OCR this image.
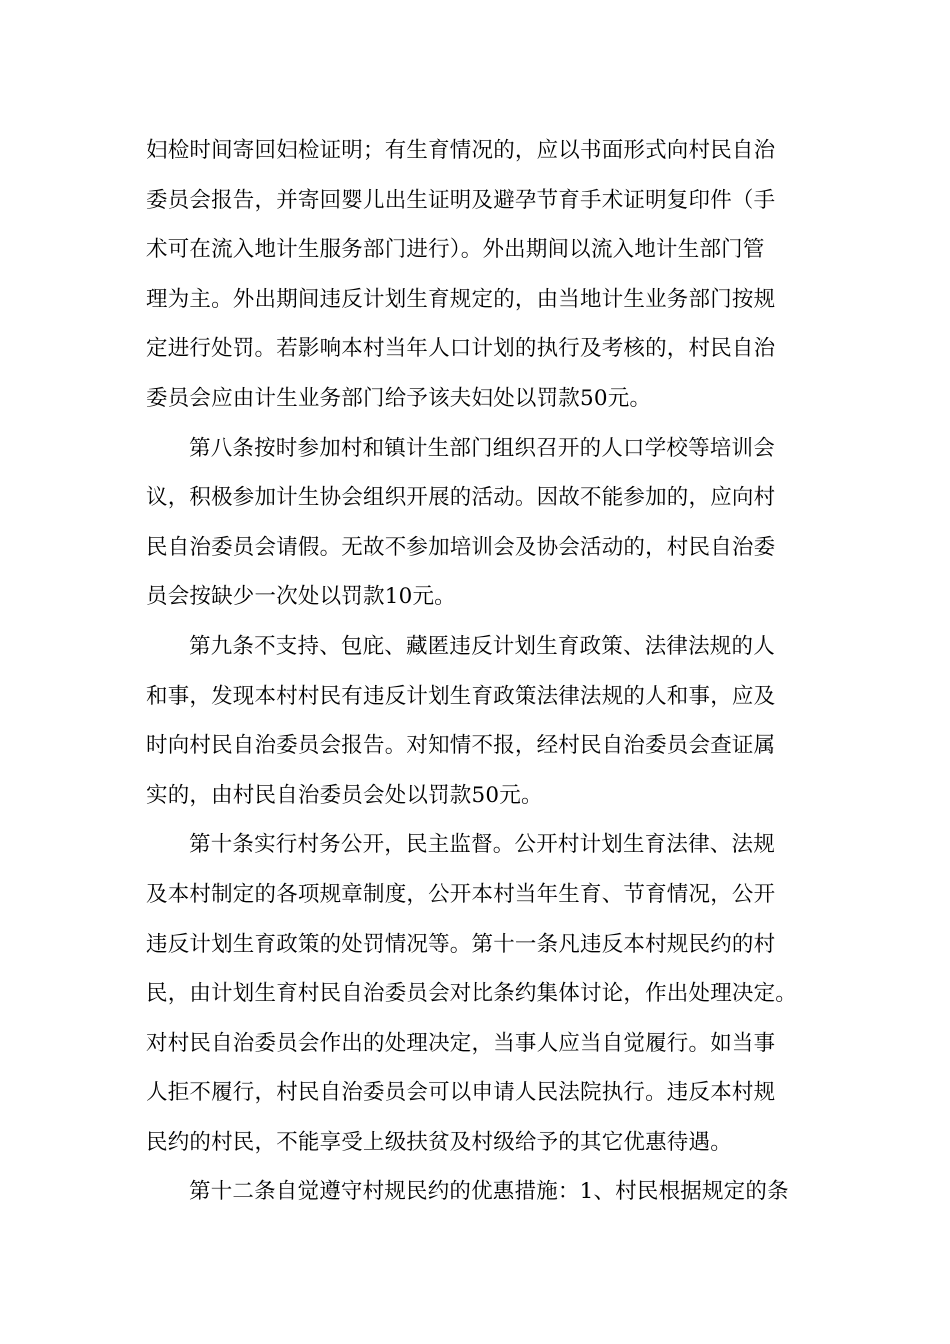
妇检时间寄回妇检证明；有生育情况的，应以书面形式向村民自治
委员会报告，并寄回婴儿出生证明及避孕节育手术证明复印件（手
术可在流入地计生服务部门进行）。外出期间以流入地计生部门管
理为主。外出期间违反计划生育规定的，由当地计生业务部门按规
定进行处罚。若影响本村当年人口计划的执行及考核的，村民自治
委员会应由计生业务部门给予该夫妇处以罚款50元。
第八条按时参加村和镇计生部门组织召开的人口学校等培训会
议，积极参加计生协会组织开展的活动。因故不能参加的，应向村
民自治委员会请假。无故不参加培训会及协会活动的，村民自治委
员会按缺少一次处以罚款10元。
第九条不支持、包庇、藏匿违反计划生育政策、法律法规的人
和事，发现本村村民有违反计划生育政策法律法规的人和事，应及
时向村民自治委员会报告。对知情不报，经村民自治委员会查证属
实的，由村民自治委员会处以罚款50元。
第十条实行村务公开，民主监督。公开村计划生育法律、法规
及本村制定的各项规章制度，公开本村当年生育、节育情况，公开
违反计划生育政策的处罚情况等。第十一条凡违反本村规民约的村
民，由计划生育村民自治委员会对比条约集体讨论，作出处理决定。
对村民自治委员会作出的处理决定，当事人应当自觉履行。如当事
人拒不履行，村民自治委员会可以申请人民法院执行。违反本村规
民约的村民，不能享受上级扶贫及村级给予的其它优惠待遇。
第十二条自觉遵守村规民约的优惠措施：1、村民根据规定的条
